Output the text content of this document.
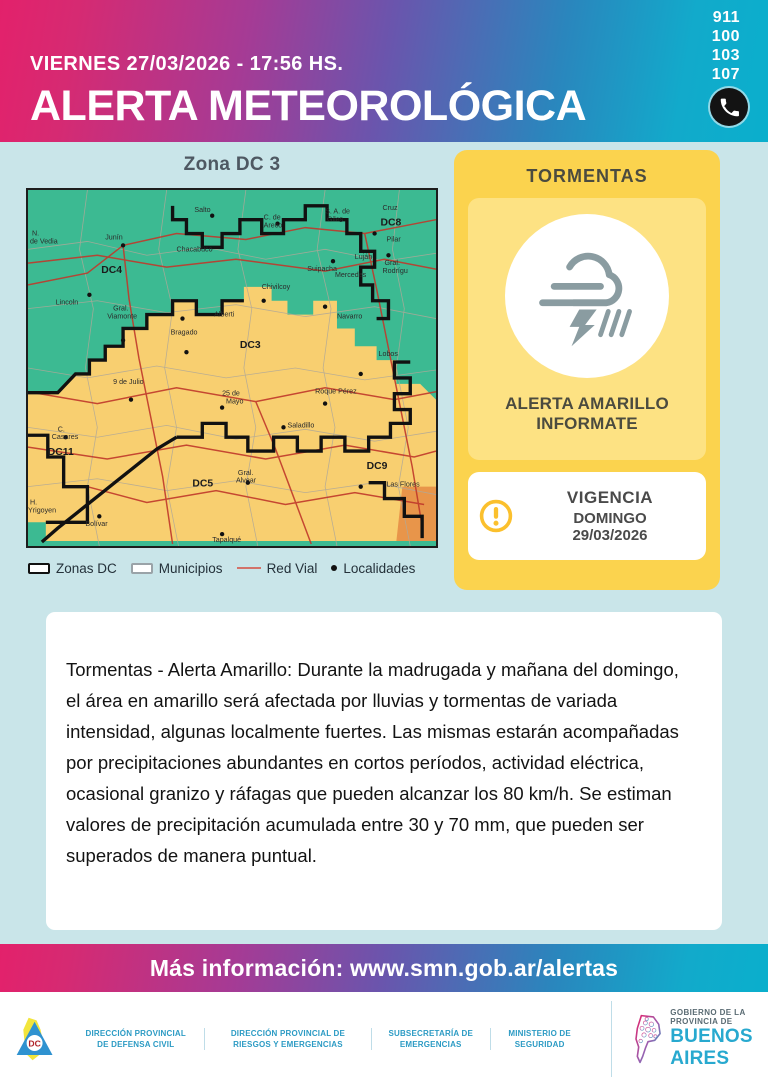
VIERNES 27/03/2026 - 17:56 HS.
ALERTA METEOROLÓGICA
911
100
103
107
Zona DC 3
N.
de Vedia	Junín
Salto
C. de
Areco
S. A. de
Giles
Cruz
Pilar
Luján
Gral.
Rodrígu
Chacabuco
Lincoln
Suipacha
Mercedes
Chivilcoy
Gral.
Viamonte
Bragado
Alberti	Navarro
Lobos
9 de Julio
25 de
Mayo
Roque Pérez
Saladillo
C.
Casares
Gral.
Alvear	Las Flores
H.
Yrigoyen
Bolívar
Tapalqué
DC4
DC8
DC3
DC11
DC5
DC9
Zonas DC	Municipios	Red Vial Localidades
TORMENTAS
ALERTA AMARILLO
INFORMATE
VIGENCIA
DOMINGO
29/03/2026

Tormentas - Alerta Amarillo: Durante la madrugada y mañana del domingo, el área en amarillo será afectada por lluvias y tormentas de variada intensidad, algunas localmente fuertes. Las mismas estarán acompañadas por precipitaciones abundantes en cortos períodos, actividad eléctrica, ocasional granizo y ráfagas que pueden alcanzar los 80 km/h. Se estiman valores de precipitación acumulada entre 30 y 70 mm, que pueden ser superados de manera puntual.

Más información: www.smn.gob.ar/alertas
DC
DIRECCIÓN PROVINCIAL DE DEFENSA CIVIL
DIRECCIÓN PROVINCIAL DE RIESGOS Y EMERGENCIAS
SUBSECRETARÍA DE EMERGENCIAS
MINISTERIO DE SEGURIDAD
GOBIERNO DE LA PROVINCIA DE
BUENOS AIRES
